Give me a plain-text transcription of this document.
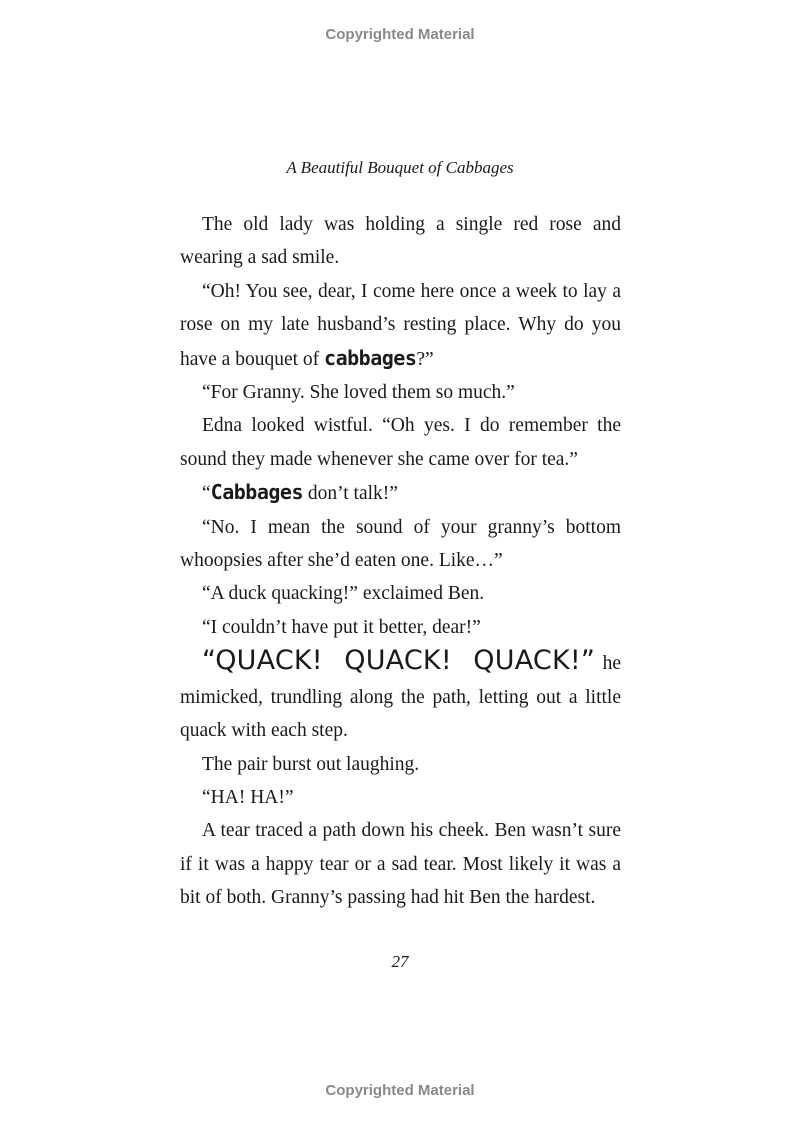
Copyrighted Material
A Beautiful Bouquet of Cabbages

The old lady was holding a single red rose and wearing a sad smile.

“Oh! You see, dear, I come here once a week to lay a rose on my late husband’s resting place. Why do you have a bouquet of cabbages?”

“For Granny. She loved them so much.”

Edna looked wistful. “Oh yes. I do remember the sound they made whenever she came over for tea.”

“Cabbages don’t talk!”

“No. I mean the sound of your granny’s bottom whoopsies after she’d eaten one. Like…”

“A duck quacking!” exclaimed Ben.

“I couldn’t have put it better, dear!”

“QUACK! QUACK! QUACK!” he mimicked, trundling along the path, letting out a little quack with each step.

The pair burst out laughing.

“HA! HA!”

A tear traced a path down his cheek. Ben wasn’t sure if it was a happy tear or a sad tear. Most likely it was a bit of both. Granny’s passing had hit Ben the hardest.

27
Copyrighted Material
